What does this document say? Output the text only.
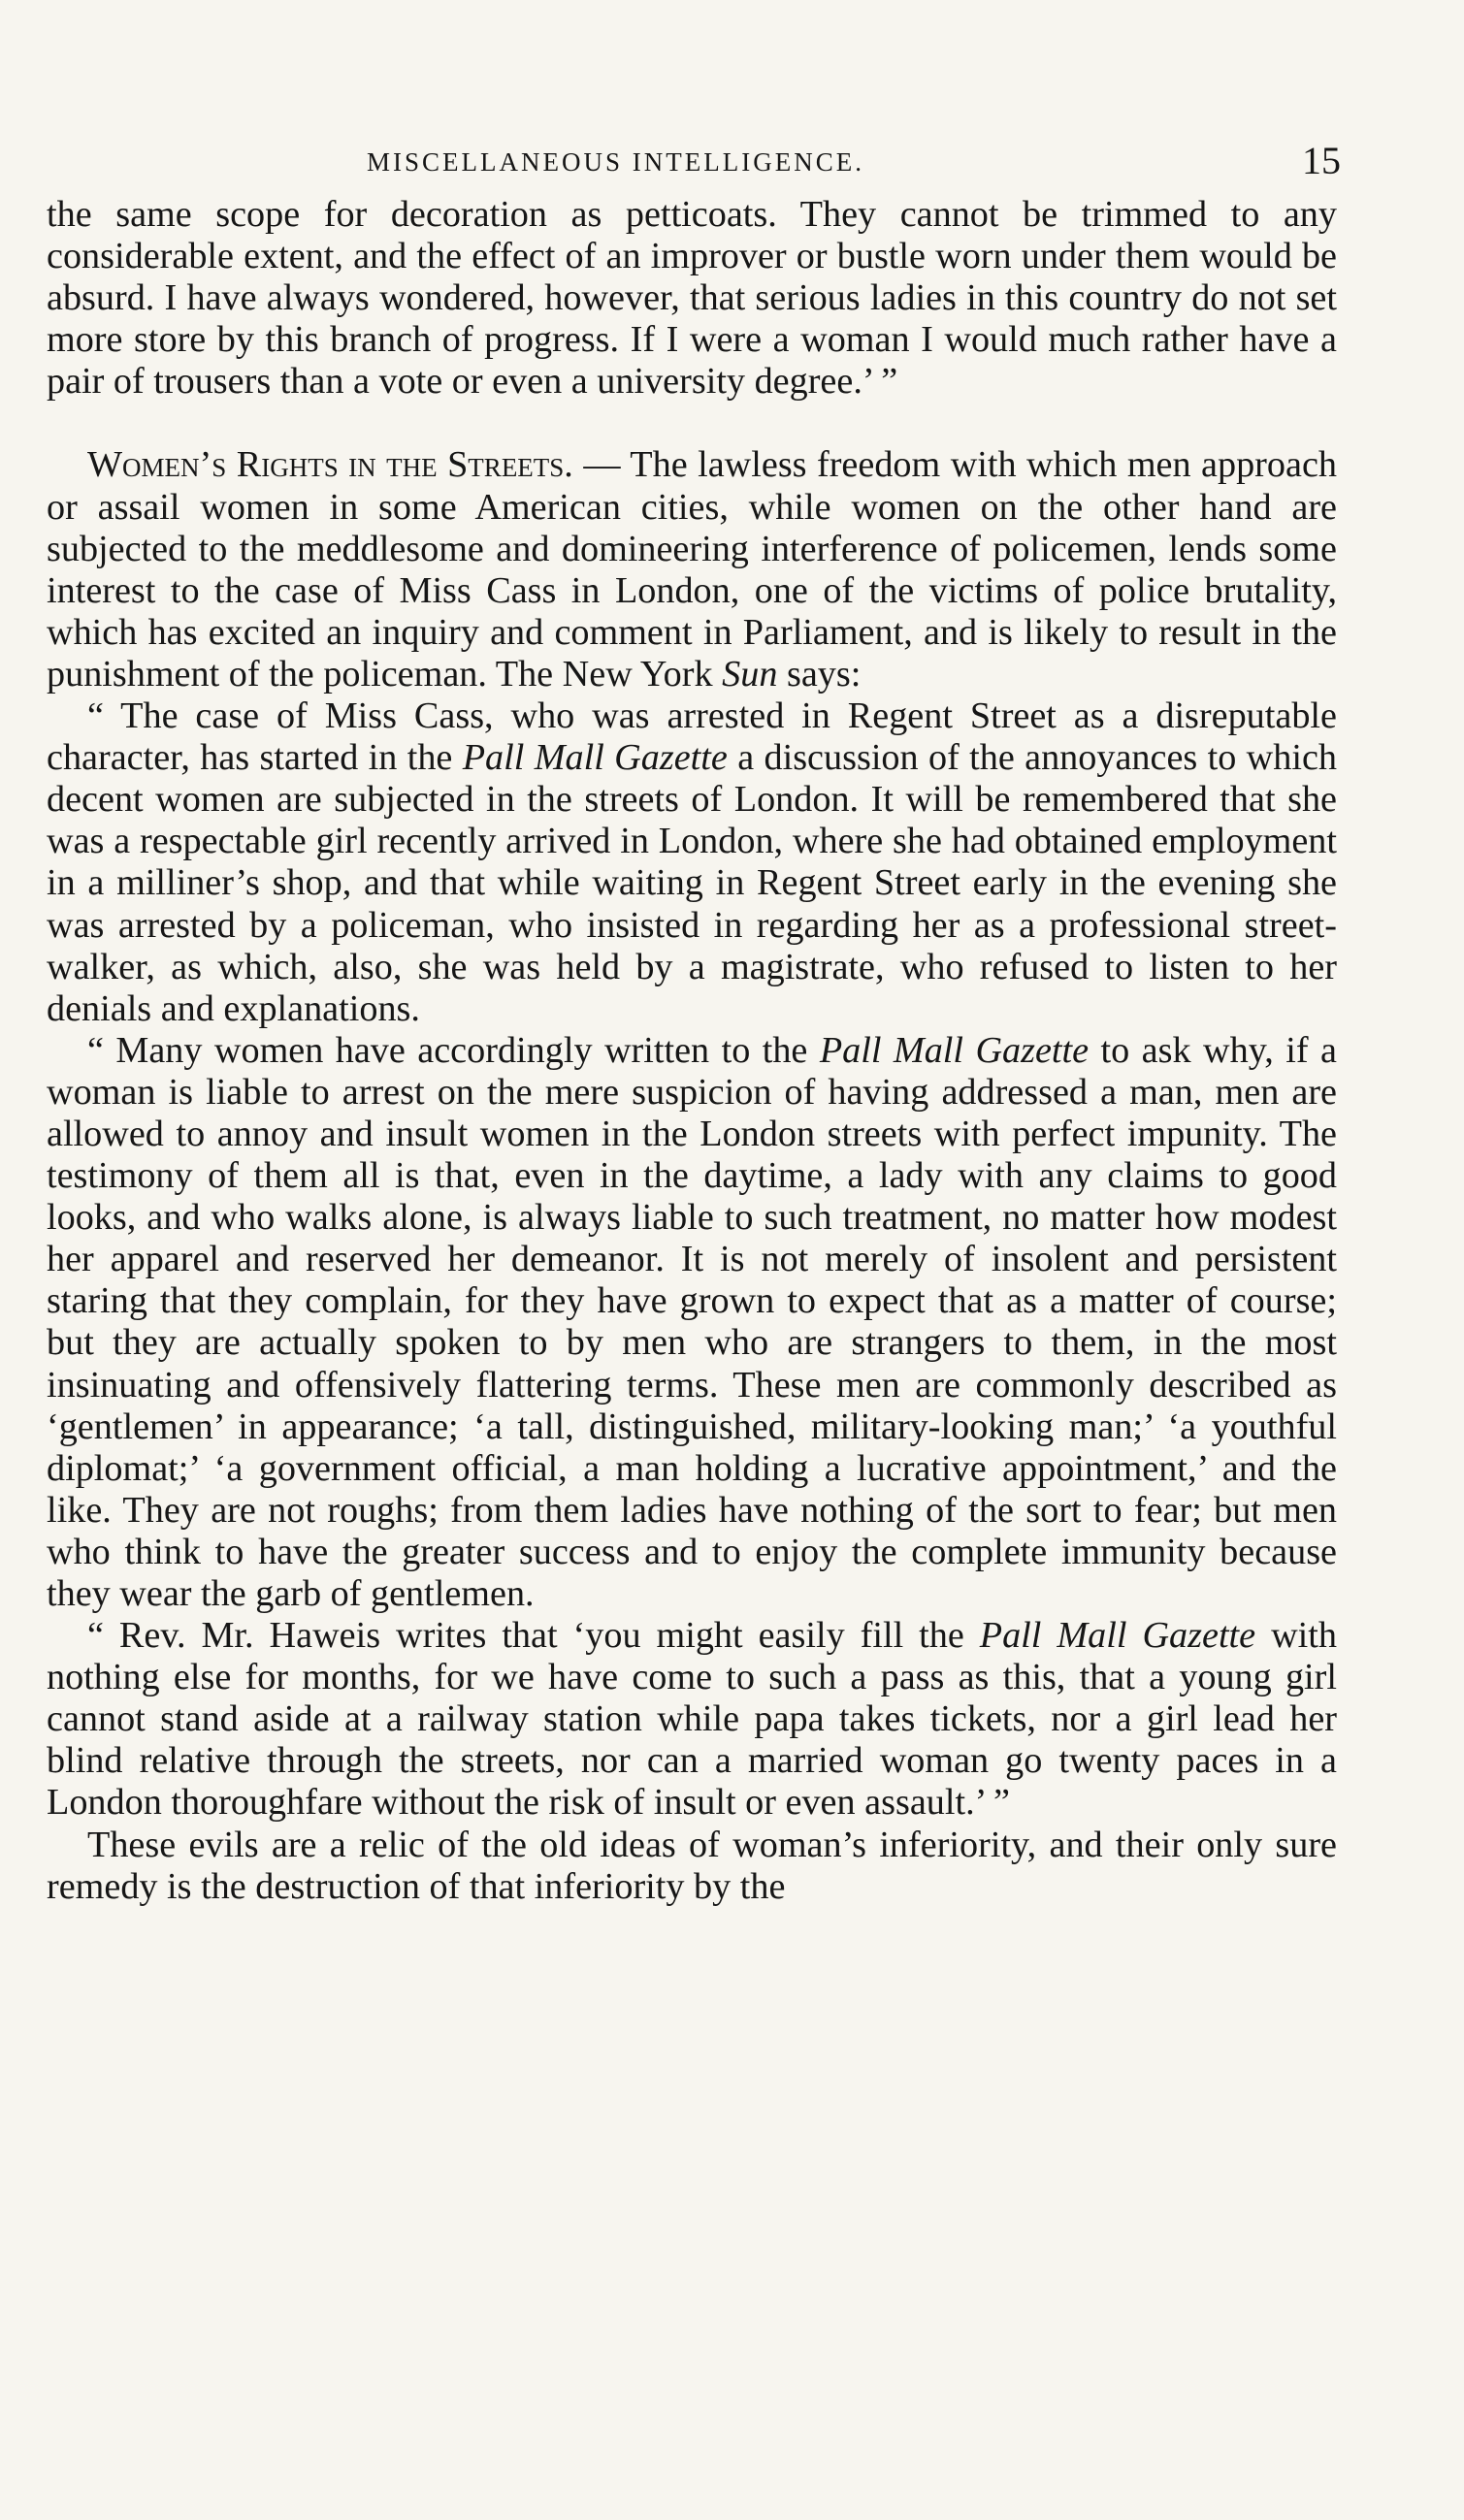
MISCELLANEOUS INTELLIGENCE.	15

the same scope for decoration as petticoats. They cannot be trimmed to any considerable extent, and the effect of an improver or bustle worn under them would be absurd. I have always wondered, however, that serious ladies in this country do not set more store by this branch of progress. If I were a woman I would much rather have a pair of trousers than a vote or even a university degree.’ ”

Women’s Rights in the Streets. — The lawless freedom with which men approach or assail women in some American cities, while women on the other hand are subjected to the meddlesome and domineering interference of policemen, lends some interest to the case of Miss Cass in London, one of the victims of police brutality, which has excited an inquiry and comment in Parliament, and is likely to result in the punishment of the policeman. The New York Sun says:

“ The case of Miss Cass, who was arrested in Regent Street as a disreputable character, has started in the Pall Mall Gazette a discussion of the annoyances to which decent women are subjected in the streets of London. It will be remembered that she was a respectable girl recently arrived in London, where she had obtained employment in a milliner’s shop, and that while waiting in Regent Street early in the evening she was arrested by a policeman, who insisted in regarding her as a professional street-walker, as which, also, she was held by a magistrate, who refused to listen to her denials and explanations.

“ Many women have accordingly written to the Pall Mall Gazette to ask why, if a woman is liable to arrest on the mere suspicion of having addressed a man, men are allowed to annoy and insult women in the London streets with perfect impunity. The testimony of them all is that, even in the daytime, a lady with any claims to good looks, and who walks alone, is always liable to such treatment, no matter how modest her apparel and reserved her demeanor. It is not merely of insolent and persistent staring that they complain, for they have grown to expect that as a matter of course; but they are actually spoken to by men who are strangers to them, in the most insinuating and offensively flattering terms. These men are commonly described as ‘gentlemen’ in appearance; ‘a tall, distinguished, military-looking man;’ ‘a youthful diplomat;’ ‘a government official, a man holding a lucrative appointment,’ and the like. They are not roughs; from them ladies have nothing of the sort to fear; but men who think to have the greater success and to enjoy the complete immunity because they wear the garb of gentlemen.

“ Rev. Mr. Haweis writes that ‘you might easily fill the Pall Mall Gazette with nothing else for months, for we have come to such a pass as this, that a young girl cannot stand aside at a railway station while papa takes tickets, nor a girl lead her blind relative through the streets, nor can a married woman go twenty paces in a London thoroughfare without the risk of insult or even assault.’ ”

These evils are a relic of the old ideas of woman’s inferiority, and their only sure remedy is the destruction of that inferiority by the
